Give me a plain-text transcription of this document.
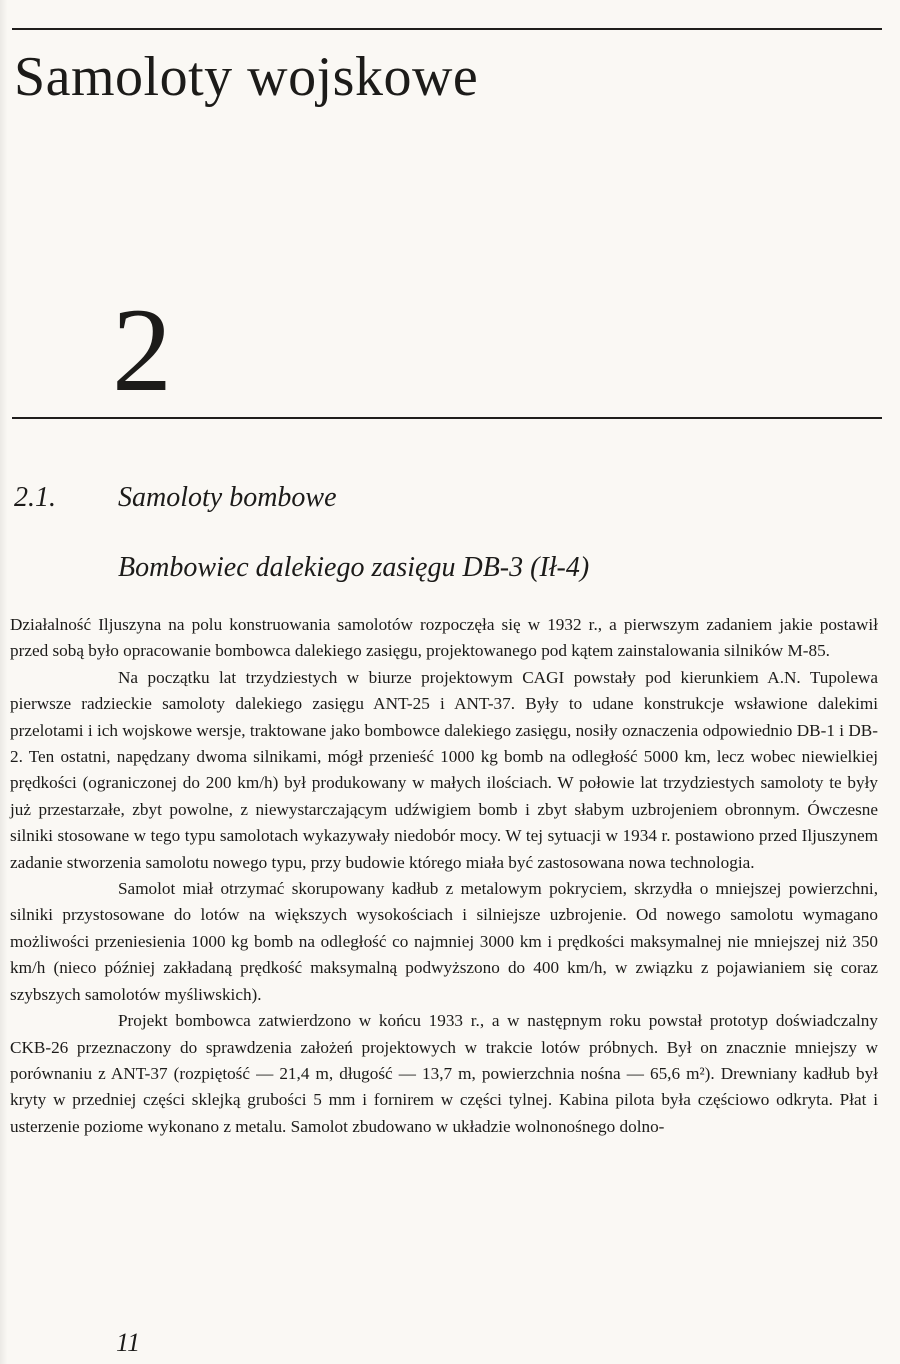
Samoloty wojskowe
2
2.1. Samoloty bombowe
Bombowiec dalekiego zasięgu DB-3 (Ił-4)

Działalność Iljuszyna na polu konstruowania samolotów rozpoczęła się w 1932 r., a pierwszym zadaniem jakie postawił przed sobą było opracowanie bombowca dalekiego zasięgu, projektowanego pod kątem zainstalowania silników M-85.

Na początku lat trzydziestych w biurze projektowym CAGI powstały pod kierunkiem A.N. Tupolewa pierwsze radzieckie samoloty dalekiego zasięgu ANT-25 i ANT-37. Były to udane konstrukcje wsławione dalekimi przelotami i ich wojskowe wersje, traktowane jako bombowce dalekiego zasięgu, nosiły oznaczenia odpowiednio DB-1 i DB-2. Ten ostatni, napędzany dwoma silnikami, mógł przenieść 1000 kg bomb na odległość 5000 km, lecz wobec niewielkiej prędkości (ograniczonej do 200 km/h) był produkowany w małych ilościach. W połowie lat trzydziestych samoloty te były już przestarzałe, zbyt powolne, z niewystarczającym udźwigiem bomb i zbyt słabym uzbrojeniem obronnym. Ówczesne silniki stosowane w tego typu samolotach wykazywały niedobór mocy. W tej sytuacji w 1934 r. postawiono przed Iljuszynem zadanie stworzenia samolotu nowego typu, przy budowie którego miała być zastosowana nowa technologia.

Samolot miał otrzymać skorupowany kadłub z metalowym pokryciem, skrzydła o mniejszej powierzchni, silniki przystosowane do lotów na większych wysokościach i silniejsze uzbrojenie. Od nowego samolotu wymagano możliwości przeniesienia 1000 kg bomb na odległość co najmniej 3000 km i prędkości maksymalnej nie mniejszej niż 350 km/h (nieco później zakładaną prędkość maksymalną podwyższono do 400 km/h, w związku z pojawianiem się coraz szybszych samolotów myśliwskich).

Projekt bombowca zatwierdzono w końcu 1933 r., a w następnym roku powstał prototyp doświadczalny CKB-26 przeznaczony do sprawdzenia założeń projektowych w trakcie lotów próbnych. Był on znacznie mniejszy w porównaniu z ANT-37 (rozpiętość — 21,4 m, długość — 13,7 m, powierzchnia nośna — 65,6 m²). Drewniany kadłub był kryty w przedniej części sklejką grubości 5 mm i fornirem w części tylnej. Kabina pilota była częściowo odkryta. Płat i usterzenie poziome wykonano z metalu. Samolot zbudowano w układzie wolnonośnego dolno-

11
